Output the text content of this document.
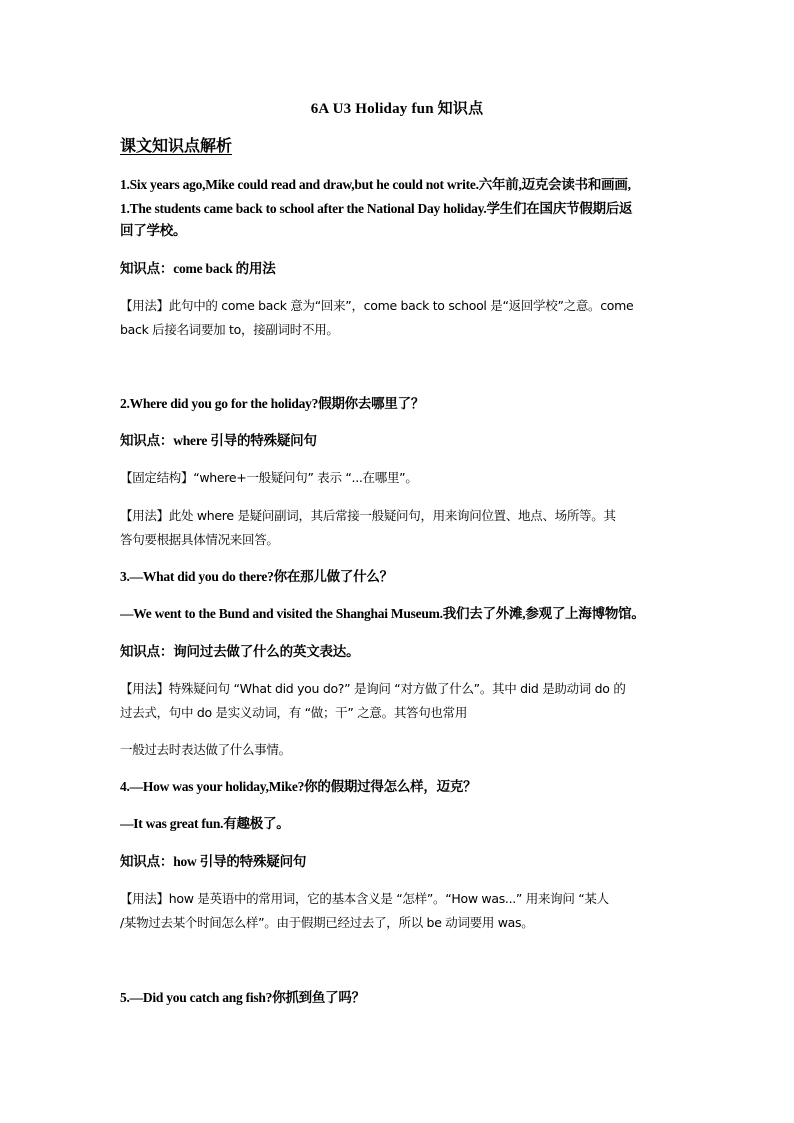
6A U3 Holiday fun 知识点
课文知识点解析
1.Six years ago,Mike could read and draw,but he could not write.六年前,迈克会读书和画画,
1.The students came back to school after the National Day holiday.学生们在国庆节假期后返
回了学校。
知识点：come back 的用法
【用法】此句中的 come back 意为“回来”，come back to school 是“返回学校”之意。come
back 后接名词要加 to，接副词时不用。
2.Where did you go for the holiday?假期你去哪里了？
知识点：where 引导的特殊疑问句
【固定结构】“where+一般疑问句” 表示 “...在哪里”。
【用法】此处 where 是疑问副词，其后常接一般疑问句，用来询问位置、地点、场所等。其
答句要根据具体情况来回答。
3.—What did you do there?你在那儿做了什么？
—We went to the Bund and visited the Shanghai Museum.我们去了外滩,参观了上海博物馆。
知识点：询问过去做了什么的英文表达。
【用法】特殊疑问句 “What did you do?” 是询问 “对方做了什么”。其中 did 是助动词 do 的
过去式，句中 do 是实义动词，有 “做；干” 之意。其答句也常用
一般过去时表达做了什么事情。
4.—How was your holiday,Mike?你的假期过得怎么样，迈克？
—It was great fun.有趣极了。
知识点：how 引导的特殊疑问句
【用法】how 是英语中的常用词，它的基本含义是 “怎样”。“How was...” 用来询问 “某人
/某物过去某个时间怎么样”。由于假期已经过去了，所以 be 动词要用 was。
5.—Did you catch ang fish?你抓到鱼了吗？
